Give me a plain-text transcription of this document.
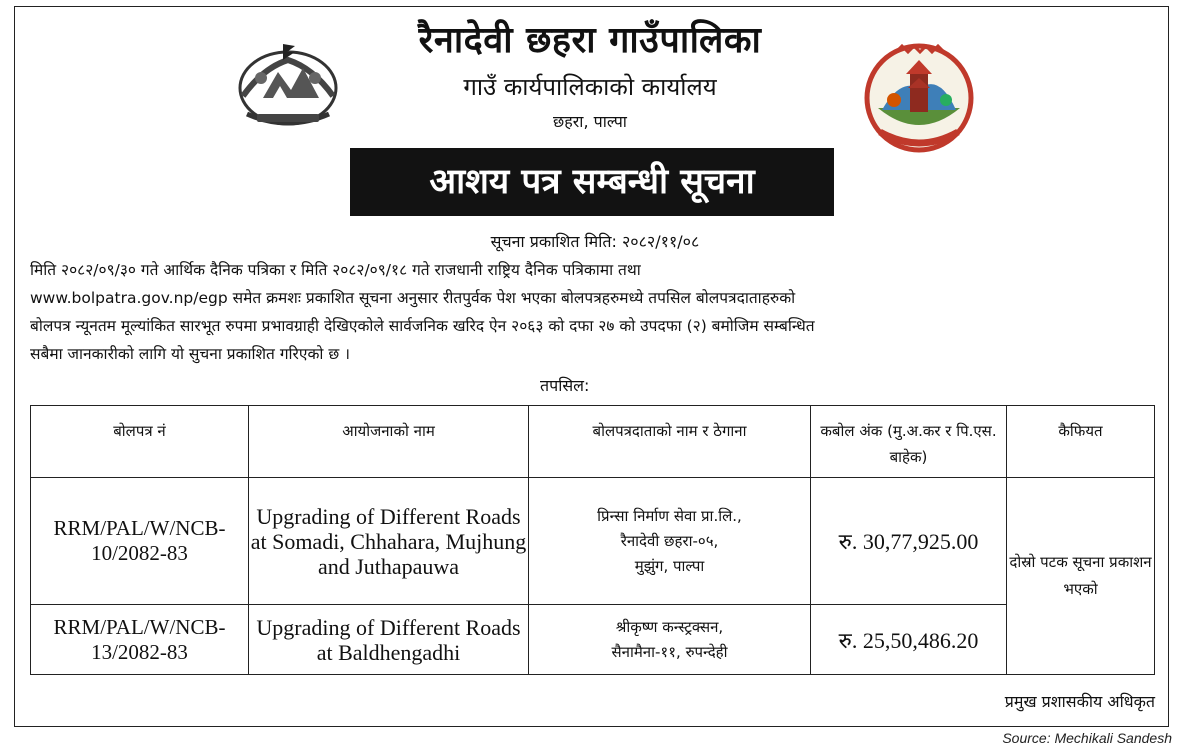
रैनादेवी छहरा गाउँपालिका
गाउँ कार्यपालिकाको कार्यालय
छहरा, पाल्पा
आशय पत्र सम्बन्धी सूचना
सूचना प्रकाशित मिति: २०८२/११/०८
मिति २०८२/०९/३० गते आर्थिक दैनिक पत्रिका र मिति २०८२/०९/१८ गते राजधानी राष्ट्रिय दैनिक पत्रिकामा तथा
www.bolpatra.gov.np/egp समेत क्रमशः प्रकाशित सूचना अनुसार रीतपुर्वक पेश भएका बोलपत्रहरुमध्ये तपसिल बोलपत्रदाताहरुको
बोलपत्र न्यूनतम मूल्यांकित सारभूत रुपमा प्रभावग्राही देखिएकोले सार्वजनिक खरिद ऐन २०६३ को दफा २७ को उपदफा (२) बमोजिम सम्बन्धित
सबैमा जानकारीको लागि यो सुचना प्रकाशित गरिएको छ ।
तपसिल:
बोलपत्र नं	आयोजनाको नाम	बोलपत्रदाताको नाम र ठेगाना	कबोल अंक (मु.अ.कर र पि.एस. बाहेक)	कैफियत
RRM/PAL/W/NCB-10/2082-83	Upgrading of Different Roads at Somadi, Chhahara, Mujhung and Juthapauwa	प्रिन्सा निर्माण सेवा प्रा.लि.,
रैनादेवी छहरा-०५,
मुझुंग, पाल्पा	रु. 30,77,925.00	दोस्रो पटक सूचना प्रकाशन भएको
RRM/PAL/W/NCB-13/2082-83	Upgrading of Different Roads at Baldhengadhi	श्रीकृष्ण कन्स्ट्रक्सन,
सैनामैना-११, रुपन्देही	रु. 25,50,486.20	
प्रमुख प्रशासकीय अधिकृत
Source: Mechikali Sandesh
